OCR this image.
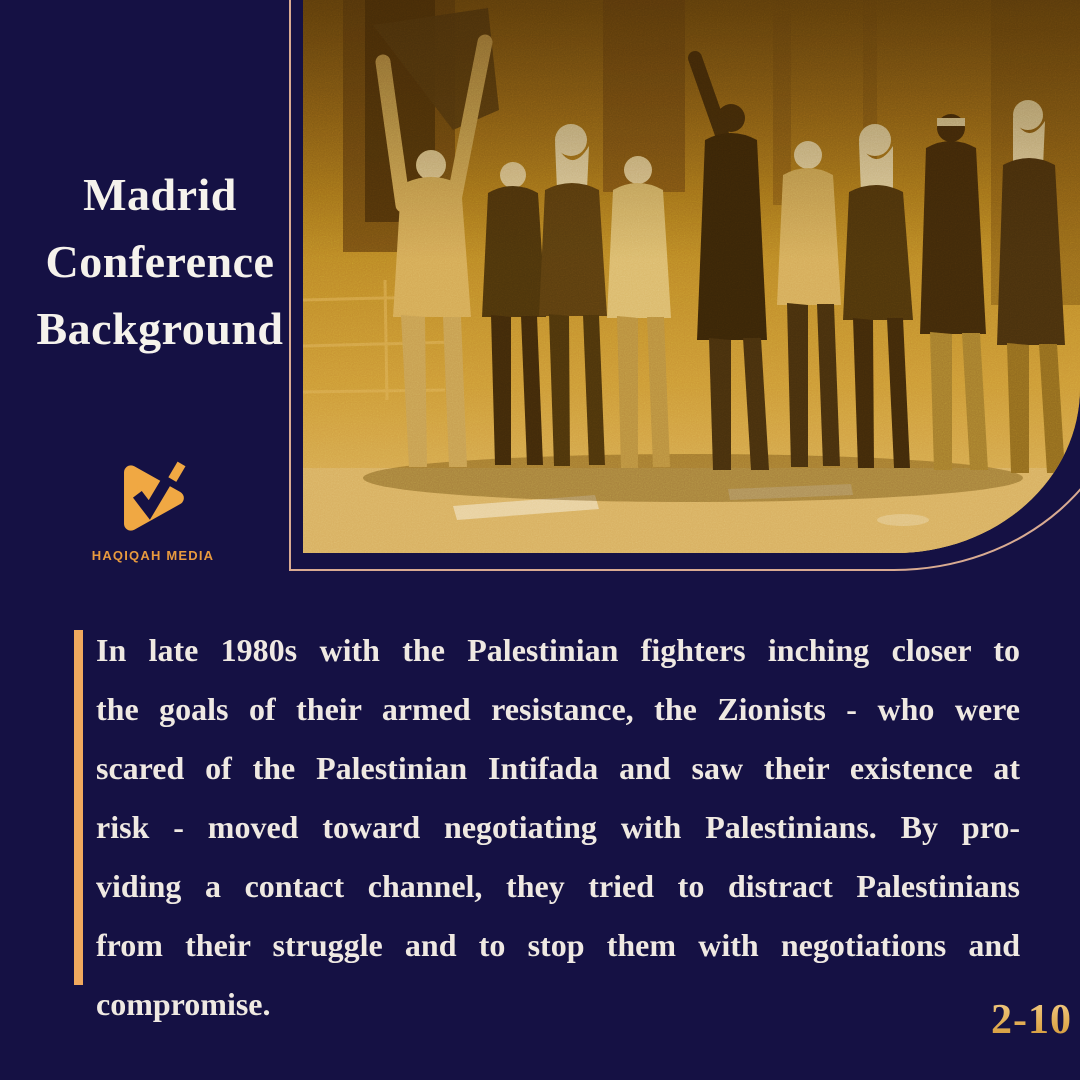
Madrid
Conference
Background
HAQIQAH MEDIA
In late 1980s with the Palestinian fighters inching closer to
the goals of their armed resistance, the Zionists - who were
scared of the Palestinian Intifada and saw their existence at
risk - moved toward negotiating with Palestinians. By pro-
viding a contact channel, they tried to distract Palestinians
from their struggle and to stop them with negotiations and
compromise.	2-10
